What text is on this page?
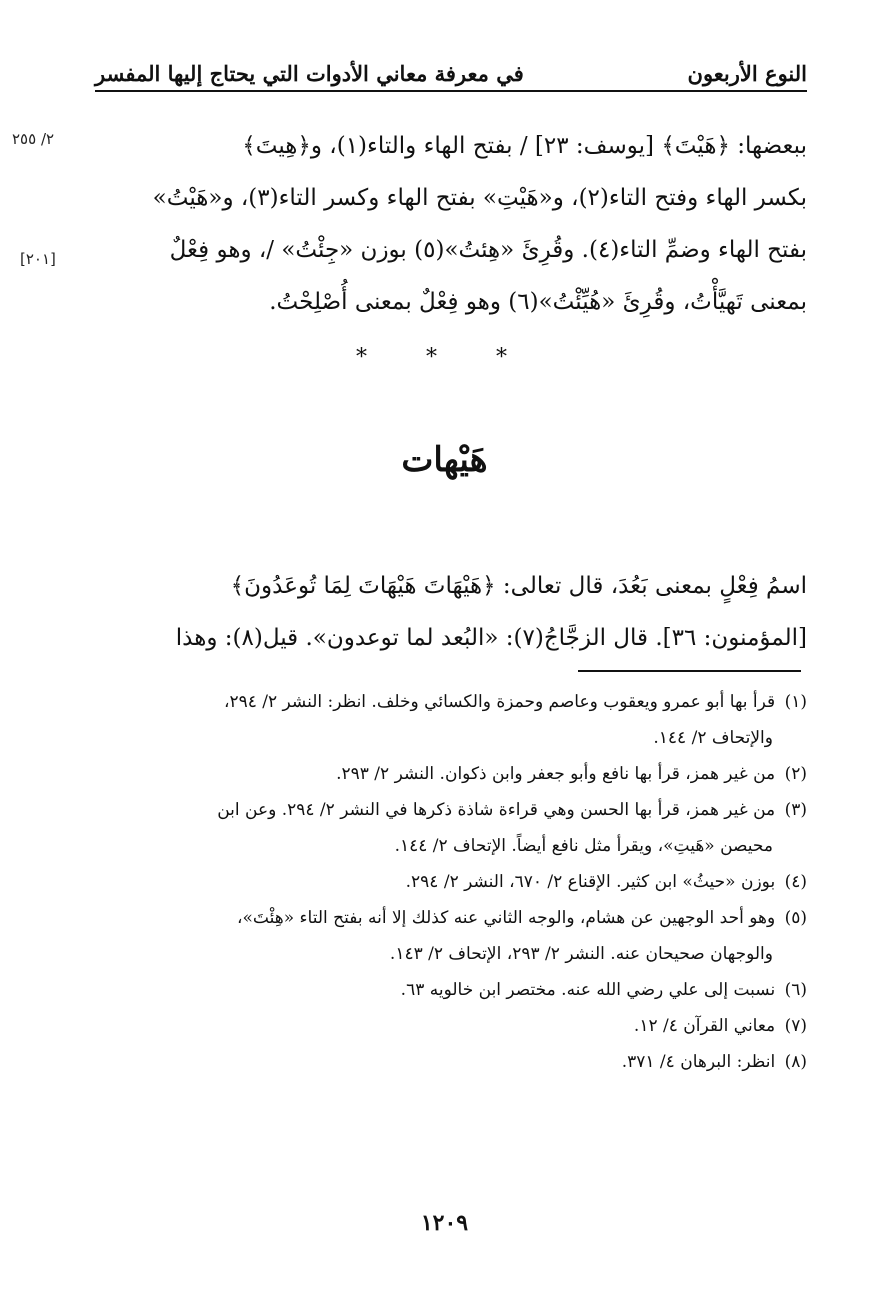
النوع الأربعون
في معرفة معاني الأدوات التي يحتاج إليها المفسر
٢/ ٢٥٥
[٢٠١]

ببعضها: ﴿هَيْتَ﴾ [يوسف: ٢٣] / بفتح الهاء والتاء(١)، و﴿هِيتَ﴾

بكسر الهاء وفتح التاء(٢)، و«هَيْتِ» بفتح الهاء وكسر التاء(٣)، و«هَيْتُ»

بفتح الهاء وضمِّ التاء(٤). وقُرِئَ «هِئتُ»(٥) بوزن «جِئْتُ» /، وهو فِعْلٌ

بمعنى تَهيَّأْتُ، وقُرِئَ «هُيِّئْتُ»(٦) وهو فِعْلٌ بمعنى أُصْلِحْتُ.

* * *
هَيْهات

اسمُ فِعْلٍ بمعنى بَعُدَ، قال تعالى: ﴿هَيْهَاتَ هَيْهَاتَ لِمَا تُوعَدُونَ﴾

[المؤمنون: ٣٦]. قال الزجَّاجُ(٧): «البُعد لما توعدون». قيل(٨): وهذا

(١) قرأ بها أبو عمرو ويعقوب وعاصم وحمزة والكسائي وخلف. انظر: النشر ٢/ ٢٩٤،
والإتحاف ٢/ ١٤٤.
(٢) من غير همز، قرأ بها نافع وأبو جعفر وابن ذكوان. النشر ٢/ ٢٩٣.
(٣) من غير همز، قرأ بها الحسن وهي قراءة شاذة ذكرها في النشر ٢/ ٢٩٤. وعن ابن
محيصن «هَيتِ»، ويقرأ مثل نافع أيضاً. الإتحاف ٢/ ١٤٤.
(٤) بوزن «حيثُ» ابن كثير. الإقناع ٢/ ٦٧٠، النشر ٢/ ٢٩٤.
(٥) وهو أحد الوجهين عن هشام، والوجه الثاني عنه كذلك إلا أنه بفتح التاء «هِئْتَ»،
والوجهان صحيحان عنه. النشر ٢/ ٢٩٣، الإتحاف ٢/ ١٤٣.
(٦) نسبت إلى علي رضي الله عنه. مختصر ابن خالويه ٦٣.
(٧) معاني القرآن ٤/ ١٢.
(٨) انظر: البرهان ٤/ ٣٧١.
١٢٠٩
